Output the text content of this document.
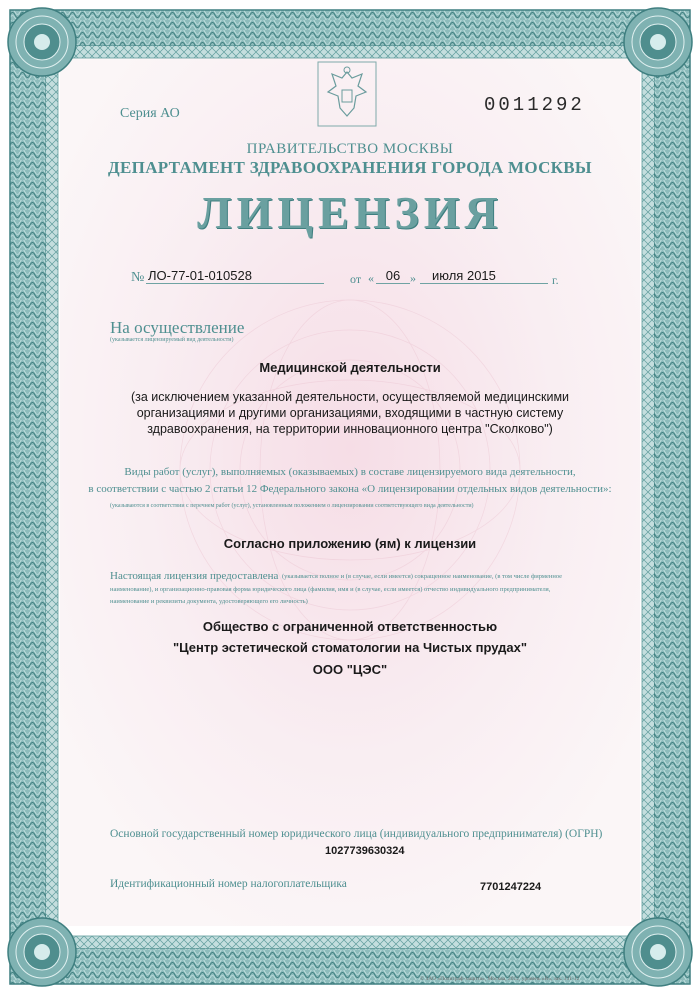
Серия АО	0011292
ПРАВИТЕЛЬСТВО МОСКВЫ
ДЕПАРТАМЕНТ ЗДРАВООХРАНЕНИЯ ГОРОДА МОСКВЫ
ЛИЦЕНЗИЯ
№ ЛО-77-01-010528	от « 06 »	июля 2015	г.
На осуществление
(указывается лицензируемый вид деятельности)
Медицинской деятельности
(за исключением указанной деятельности, осуществляемой медицинскими организациями и другими организациями, входящими в частную систему здравоохранения, на территории инновационного центра "Сколково")
Виды работ (услуг), выполняемых (оказываемых) в составе лицензируемого вида деятельности,
в соответствии с частью 2 статьи 12 Федерального закона «О лицензировании отдельных видов деятельности»:
(указываются в соответствии с перечнем работ (услуг), установленным положением о лицензировании соответствующего вида деятельности)
Согласно приложению (ям) к лицензии
Настоящая лицензия предоставлена (указывается полное и (в случае, если имеется) сокращенное наименование, (в том числе фирменное
наименование), и организационно-правовая форма юридического лица (фамилия, имя и (в случае, если имеется) отчество индивидуального предпринимателя,
наименование и реквизиты документа, удостоверяющего его личность)
Общество с ограниченной ответственностью
"Центр эстетической стоматологии на Чистых прудах"
ООО "ЦЭС"
Основной государственный номер юридического лица (индивидуального предпринимателя) (ОГРН)
1027739630324
Идентификационный номер налогоплательщика	7701247224
© ЗАО «Полиграф-защита», Москва, 2012, уровень «В», зак. 131-12
